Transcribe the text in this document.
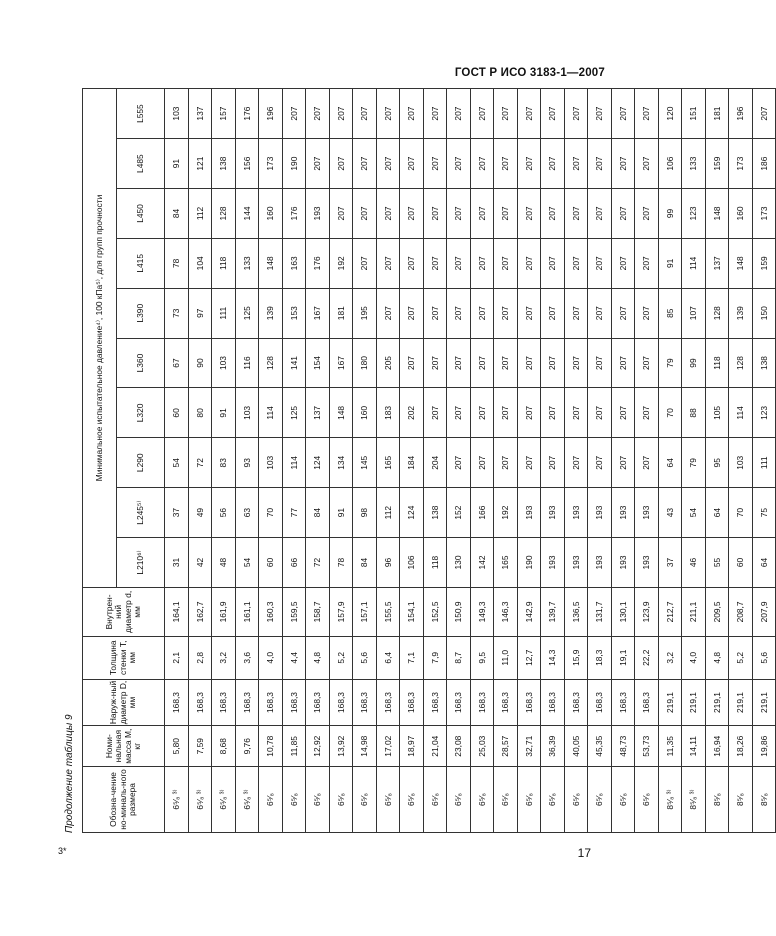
ГОСТ Р ИСО 3183-1—2007
Продолжение таблицы 9	Обозна-чение но-миналь-ного размера	Номи-нальная масса M, кг	Наруж-ный диаметр D, мм	Толщина стенки T, мм	Внутрен-ний диаметр d, мм	Минимальное испытательное давление⁴⁾, 100 кПа⁵⁾, для групп прочности									
					L210⁶⁾	L245⁵⁾	L290	L320	L360	L390	L415	L450	L485	L555
6⁵⁄₈ ³⁾	5,80	168,3	2,1	164,1	31	37	54	60	67	73	78	84	91	103
6⁵⁄₈ ³⁾	7,59	168,3	2,8	162,7	42	49	72	80	90	97	104	112	121	137
6⁵⁄₈ ³⁾	8,68	168,3	3,2	161,9	48	56	83	91	103	111	118	128	138	157
6⁵⁄₈ ³⁾	9,76	168,3	3,6	161,1	54	63	93	103	116	125	133	144	156	176
6⁵⁄₈	10,78	168,3	4,0	160,3	60	70	103	114	128	139	148	160	173	196
6⁵⁄₈	11,85	168,3	4,4	159,5	66	77	114	125	141	153	163	176	190	207
6⁵⁄₈	12,92	168,3	4,8	158,7	72	84	124	137	154	167	176	193	207	207
6⁵⁄₈	13,92	168,3	5,2	157,9	78	91	134	148	167	181	192	207	207	207
6⁵⁄₈	14,98	168,3	5,6	157,1	84	98	145	160	180	195	207	207	207	207
6⁵⁄₈	17,02	168,3	6,4	155,5	96	112	165	183	205	207	207	207	207	207
6⁵⁄₈	18,97	168,3	7,1	154,1	106	124	184	202	207	207	207	207	207	207
6⁵⁄₈	21,04	168,3	7,9	152,5	118	138	204	207	207	207	207	207	207	207
6⁵⁄₈	23,08	168,3	8,7	150,9	130	152	207	207	207	207	207	207	207	207
6⁵⁄₈	25,03	168,3	9,5	149,3	142	166	207	207	207	207	207	207	207	207
6⁵⁄₈	28,57	168,3	11,0	146,3	165	192	207	207	207	207	207	207	207	207
6⁵⁄₈	32,71	168,3	12,7	142,9	190	193	207	207	207	207	207	207	207	207
6⁵⁄₈	36,39	168,3	14,3	139,7	193	193	207	207	207	207	207	207	207	207
6⁵⁄₈	40,05	168,3	15,9	136,5	193	193	207	207	207	207	207	207	207	207
6⁵⁄₈	45,35	168,3	18,3	131,7	193	193	207	207	207	207	207	207	207	207
6⁵⁄₈	48,73	168,3	19,1	130,1	193	193	207	207	207	207	207	207	207	207
6⁵⁄₈	53,73	168,3	22,2	123,9	193	193	207	207	207	207	207	207	207	207
8⁵⁄₈ ³⁾	11,35	219,1	3,2	212,7	37	43	64	70	79	85	91	99	106	120
8⁵⁄₈ ³⁾	14,11	219,1	4,0	211,1	46	54	79	88	99	107	114	123	133	151
8⁵⁄₈	16,94	219,1	4,8	209,5	55	64	95	105	118	128	137	148	159	181
8⁵⁄₈	18,26	219,1	5,2	208,7	60	70	103	114	128	139	148	160	173	196
8⁵⁄₈	19,86	219,1	5,6	207,9	64	75	111	123	138	150	159	173	186	207
3*	17
